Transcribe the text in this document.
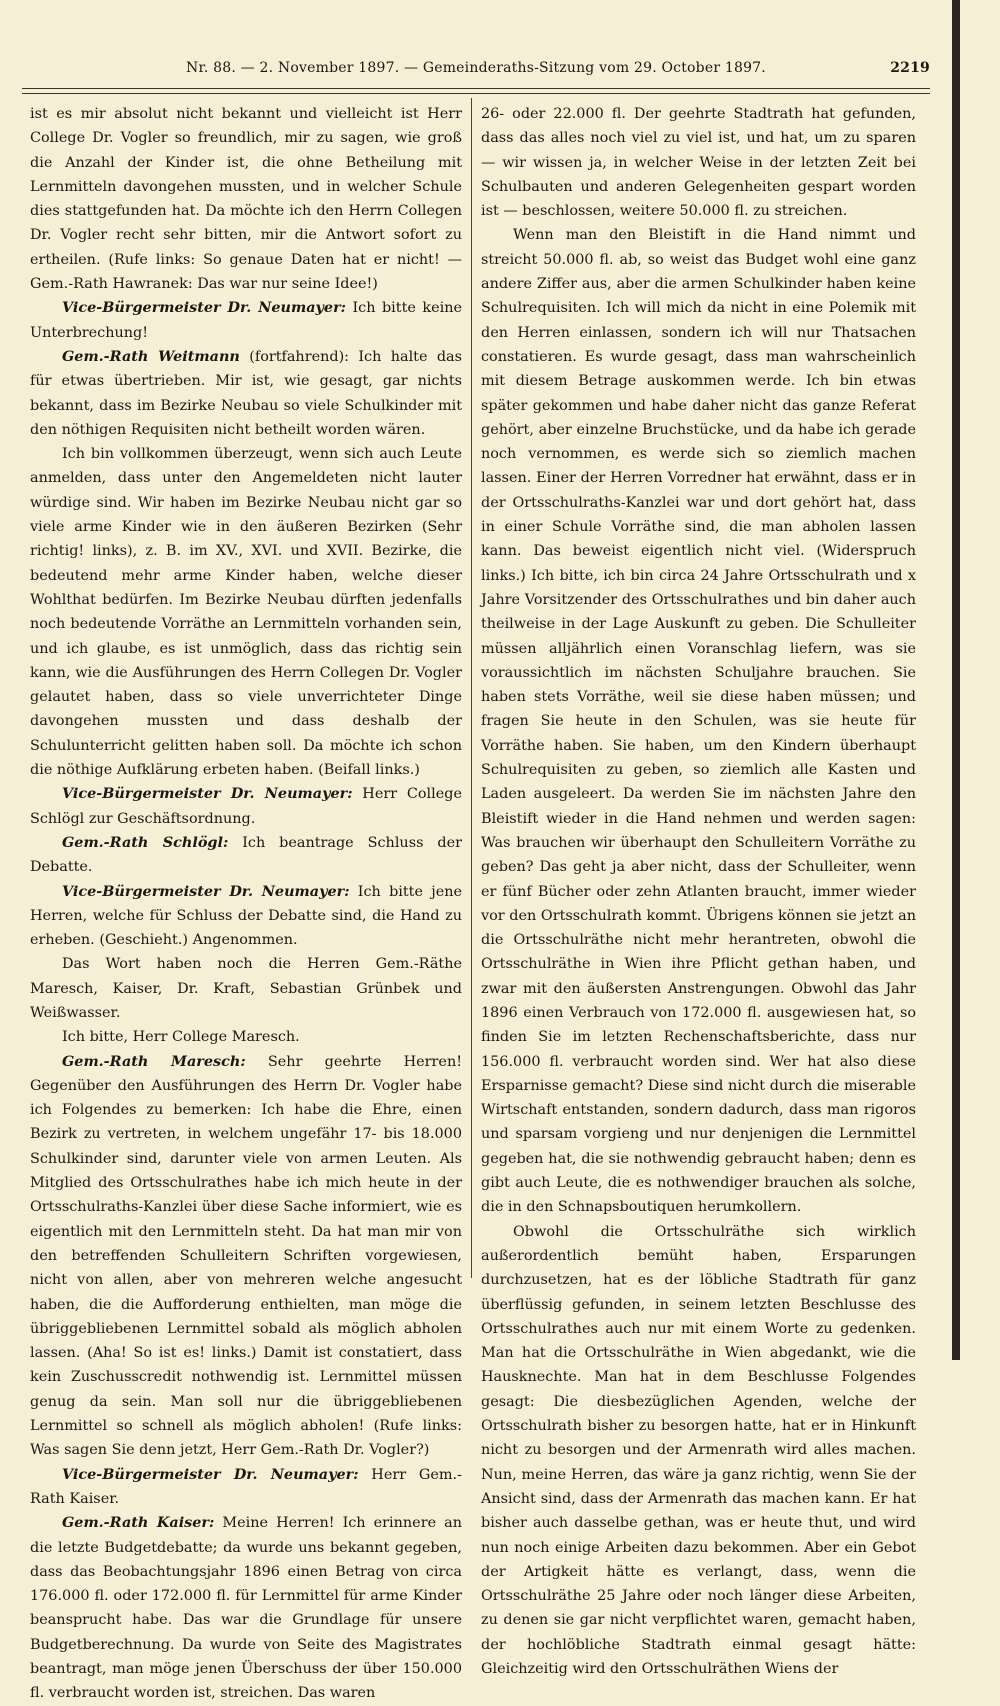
Nr. 88. — 2. November 1897. — Gemeinderaths-Sitzung vom 29. October 1897.	2219

ist es mir absolut nicht bekannt und vielleicht ist Herr College Dr. Vogler so freundlich, mir zu sagen, wie groß die Anzahl der Kinder ist, die ohne Betheilung mit Lernmitteln davongehen mussten, und in welcher Schule dies stattgefunden hat. Da möchte ich den Herrn Collegen Dr. Vogler recht sehr bitten, mir die Antwort sofort zu ertheilen. (Rufe links: So genaue Daten hat er nicht! — Gem.-Rath Hawranek: Das war nur seine Idee!)

Vice-Bürgermeister Dr. Neumayer: Ich bitte keine Unterbrechung!

Gem.-Rath Weitmann (fortfahrend): Ich halte das für etwas übertrieben. Mir ist, wie gesagt, gar nichts bekannt, dass im Bezirke Neubau so viele Schulkinder mit den nöthigen Requisiten nicht betheilt worden wären.

Ich bin vollkommen überzeugt, wenn sich auch Leute anmelden, dass unter den Angemeldeten nicht lauter würdige sind. Wir haben im Bezirke Neubau nicht gar so viele arme Kinder wie in den äußeren Bezirken (Sehr richtig! links), z. B. im XV., XVI. und XVII. Bezirke, die bedeutend mehr arme Kinder haben, welche dieser Wohlthat bedürfen. Im Bezirke Neubau dürften jedenfalls noch bedeutende Vorräthe an Lernmitteln vorhanden sein, und ich glaube, es ist unmöglich, dass das richtig sein kann, wie die Ausführungen des Herrn Collegen Dr. Vogler gelautet haben, dass so viele unverrichteter Dinge davongehen mussten und dass deshalb der Schulunterricht gelitten haben soll. Da möchte ich schon die nöthige Aufklärung erbeten haben. (Beifall links.)

Vice-Bürgermeister Dr. Neumayer: Herr College Schlögl zur Geschäftsordnung.

Gem.-Rath Schlögl: Ich beantrage Schluss der Debatte.

Vice-Bürgermeister Dr. Neumayer: Ich bitte jene Herren, welche für Schluss der Debatte sind, die Hand zu erheben. (Geschieht.) Angenommen.

Das Wort haben noch die Herren Gem.-Räthe Maresch, Kaiser, Dr. Kraft, Sebastian Grünbek und Weißwasser.

Ich bitte, Herr College Maresch.

Gem.-Rath Maresch: Sehr geehrte Herren! Gegenüber den Ausführungen des Herrn Dr. Vogler habe ich Folgendes zu bemerken: Ich habe die Ehre, einen Bezirk zu vertreten, in welchem ungefähr 17- bis 18.000 Schulkinder sind, darunter viele von armen Leuten. Als Mitglied des Ortsschulrathes habe ich mich heute in der Ortsschulraths-Kanzlei über diese Sache informiert, wie es eigentlich mit den Lernmitteln steht. Da hat man mir von den betreffenden Schulleitern Schriften vorgewiesen, nicht von allen, aber von mehreren welche angesucht haben, die die Aufforderung enthielten, man möge die übriggebliebenen Lernmittel sobald als möglich abholen lassen. (Aha! So ist es! links.) Damit ist constatiert, dass kein Zuschusscredit nothwendig ist. Lernmittel müssen genug da sein. Man soll nur die übriggebliebenen Lernmittel so schnell als möglich abholen! (Rufe links: Was sagen Sie denn jetzt, Herr Gem.-Rath Dr. Vogler?)

Vice-Bürgermeister Dr. Neumayer: Herr Gem.-Rath Kaiser.

Gem.-Rath Kaiser: Meine Herren! Ich erinnere an die letzte Budgetdebatte; da wurde uns bekannt gegeben, dass das Beobachtungsjahr 1896 einen Betrag von circa 176.000 fl. oder 172.000 fl. für Lernmittel für arme Kinder beansprucht habe. Das war die Grundlage für unsere Budgetberechnung. Da wurde von Seite des Magistrates beantragt, man möge jenen Überschuss der über 150.000 fl. verbraucht worden ist, streichen. Das waren

26- oder 22.000 fl. Der geehrte Stadtrath hat gefunden, dass das alles noch viel zu viel ist, und hat, um zu sparen — wir wissen ja, in welcher Weise in der letzten Zeit bei Schulbauten und anderen Gelegenheiten gespart worden ist — beschlossen, weitere 50.000 fl. zu streichen.

Wenn man den Bleistift in die Hand nimmt und streicht 50.000 fl. ab, so weist das Budget wohl eine ganz andere Ziffer aus, aber die armen Schulkinder haben keine Schulrequisiten. Ich will mich da nicht in eine Polemik mit den Herren einlassen, sondern ich will nur Thatsachen constatieren. Es wurde gesagt, dass man wahrscheinlich mit diesem Betrage auskommen werde. Ich bin etwas später gekommen und habe daher nicht das ganze Referat gehört, aber einzelne Bruchstücke, und da habe ich gerade noch vernommen, es werde sich so ziemlich machen lassen. Einer der Herren Vorredner hat erwähnt, dass er in der Ortsschulraths-Kanzlei war und dort gehört hat, dass in einer Schule Vorräthe sind, die man abholen lassen kann. Das beweist eigentlich nicht viel. (Widerspruch links.) Ich bitte, ich bin circa 24 Jahre Ortsschulrath und x Jahre Vorsitzender des Ortsschulrathes und bin daher auch theilweise in der Lage Auskunft zu geben. Die Schulleiter müssen alljährlich einen Voranschlag liefern, was sie voraussichtlich im nächsten Schuljahre brauchen. Sie haben stets Vorräthe, weil sie diese haben müssen; und fragen Sie heute in den Schulen, was sie heute für Vorräthe haben. Sie haben, um den Kindern überhaupt Schulrequisiten zu geben, so ziemlich alle Kasten und Laden ausgeleert. Da werden Sie im nächsten Jahre den Bleistift wieder in die Hand nehmen und werden sagen: Was brauchen wir überhaupt den Schulleitern Vorräthe zu geben? Das geht ja aber nicht, dass der Schulleiter, wenn er fünf Bücher oder zehn Atlanten braucht, immer wieder vor den Ortsschulrath kommt. Übrigens können sie jetzt an die Ortsschulräthe nicht mehr herantreten, obwohl die Ortsschulräthe in Wien ihre Pflicht gethan haben, und zwar mit den äußersten Anstrengungen. Obwohl das Jahr 1896 einen Verbrauch von 172.000 fl. ausgewiesen hat, so finden Sie im letzten Rechenschaftsberichte, dass nur 156.000 fl. verbraucht worden sind. Wer hat also diese Ersparnisse gemacht? Diese sind nicht durch die miserable Wirtschaft entstanden, sondern dadurch, dass man rigoros und sparsam vorgieng und nur denjenigen die Lernmittel gegeben hat, die sie nothwendig gebraucht haben; denn es gibt auch Leute, die es nothwendiger brauchen als solche, die in den Schnapsboutiquen herumkollern.

Obwohl die Ortsschulräthe sich wirklich außerordentlich bemüht haben, Ersparungen durchzusetzen, hat es der löbliche Stadtrath für ganz überflüssig gefunden, in seinem letzten Beschlusse des Ortsschulrathes auch nur mit einem Worte zu gedenken. Man hat die Ortsschulräthe in Wien abgedankt, wie die Hausknechte. Man hat in dem Beschlusse Folgendes gesagt: Die diesbezüglichen Agenden, welche der Ortsschulrath bisher zu besorgen hatte, hat er in Hinkunft nicht zu besorgen und der Armenrath wird alles machen. Nun, meine Herren, das wäre ja ganz richtig, wenn Sie der Ansicht sind, dass der Armenrath das machen kann. Er hat bisher auch dasselbe gethan, was er heute thut, und wird nun noch einige Arbeiten dazu bekommen. Aber ein Gebot der Artigkeit hätte es verlangt, dass, wenn die Ortsschulräthe 25 Jahre oder noch länger diese Arbeiten, zu denen sie gar nicht verpflichtet waren, gemacht haben, der hochlöbliche Stadtrath einmal gesagt hätte: Gleichzeitig wird den Ortsschulräthen Wiens der
